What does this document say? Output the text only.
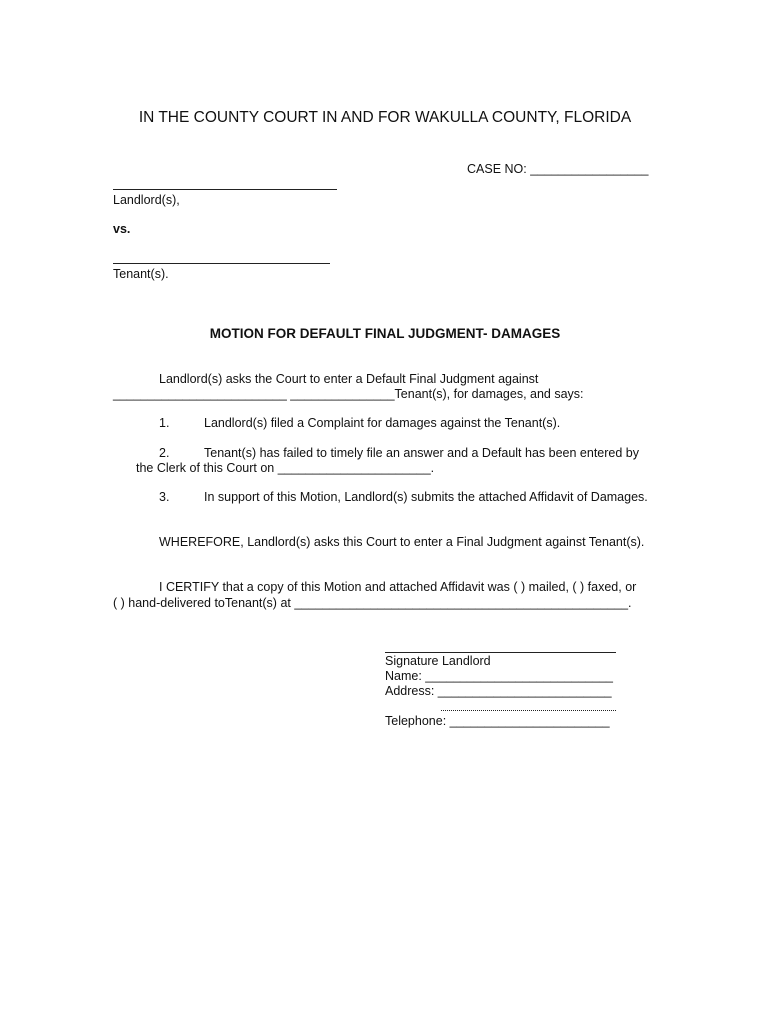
IN THE COUNTY COURT IN AND FOR WAKULLA COUNTY, FLORIDA
CASE NO: _________________
Landlord(s),
vs.
Tenant(s).
MOTION FOR DEFAULT FINAL JUDGMENT- DAMAGES
Landlord(s) asks the Court to enter a Default Final Judgment against
_________________________ _______________Tenant(s), for damages, and says:
1.	Landlord(s) filed a Complaint for damages against the Tenant(s).
2.	Tenant(s) has failed to timely file an answer and a Default has been entered by
the Clerk of this Court on ______________________.
3.	In support of this Motion, Landlord(s) submits the attached Affidavit of Damages.
WHEREFORE, Landlord(s) asks this Court to enter a Final Judgment against Tenant(s).
I CERTIFY that a copy of this Motion and attached Affidavit was ( ) mailed, ( ) faxed, or
( ) hand-delivered toTenant(s) at ________________________________________________.
Signature Landlord
Name: ___________________________
Address: _________________________
Telephone: _______________________
